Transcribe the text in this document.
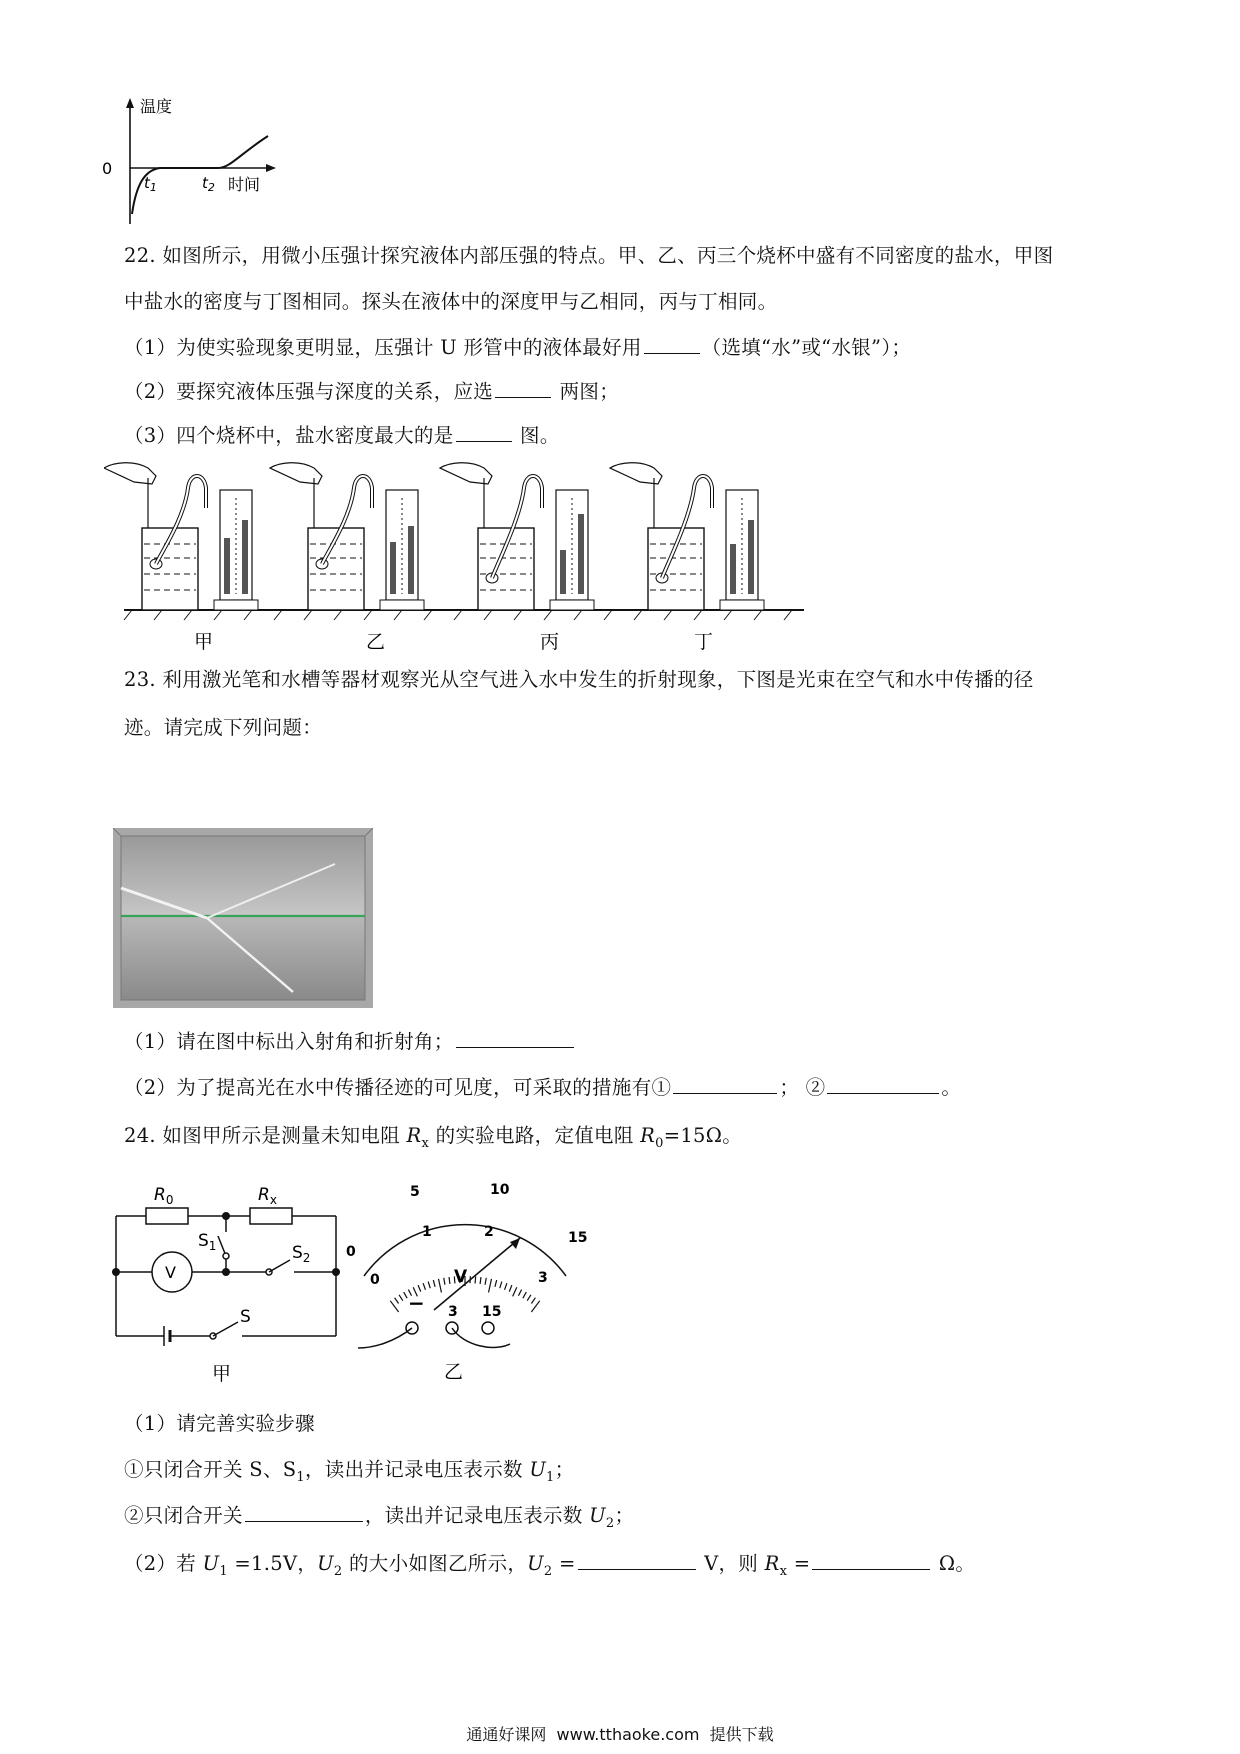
温度
0
$t_1$	$t_2$ 时间
22. 如图所示，用微小压强计探究液体内部压强的特点。甲、乙、丙三个烧杯中盛有不同密度的盐水，甲图
中盐水的密度与丁图相同。探头在液体中的深度甲与乙相同，丙与丁相同。
（1）为使实验现象更明显，压强计 U 形管中的液体最好用	（选填“水”或“水银”）；
（2）要探究液体压强与深度的关系，应选	两图；
（3）四个烧杯中，盐水密度最大的是	图。
甲	乙	丙	丁
23. 利用激光笔和水槽等器材观察光从空气进入水中发生的折射现象，下图是光束在空气和水中传播的径
迹。请完成下列问题：
（1）请在图中标出入射角和折射角；
（2）为了提高光在水中传播径迹的可见度，可采取的措施有①	； ②	。
24. 如图甲所示是测量未知电阻 $R_x$ 的实验电路，定值电阻 $R_0=15\Omega$。
V
$R_0$	$R_x$
$S_1$	$S_2$
S
甲
0
5	10
15
0
1	2
3
V
− 3 15
乙
（1）请完善实验步骤
①只闭合开关 S、$S_1$，读出并记录电压表示数 $U_1$；
②只闭合开关	，读出并记录电压表示数 $U_2$；
（2）若 $U_1 =1.5V$，$U_2$ 的大小如图乙所示，$U_2$ =	V，则 $R_x$ =	Ω。
通通好课网 www.tthaoke.com 提供下载
